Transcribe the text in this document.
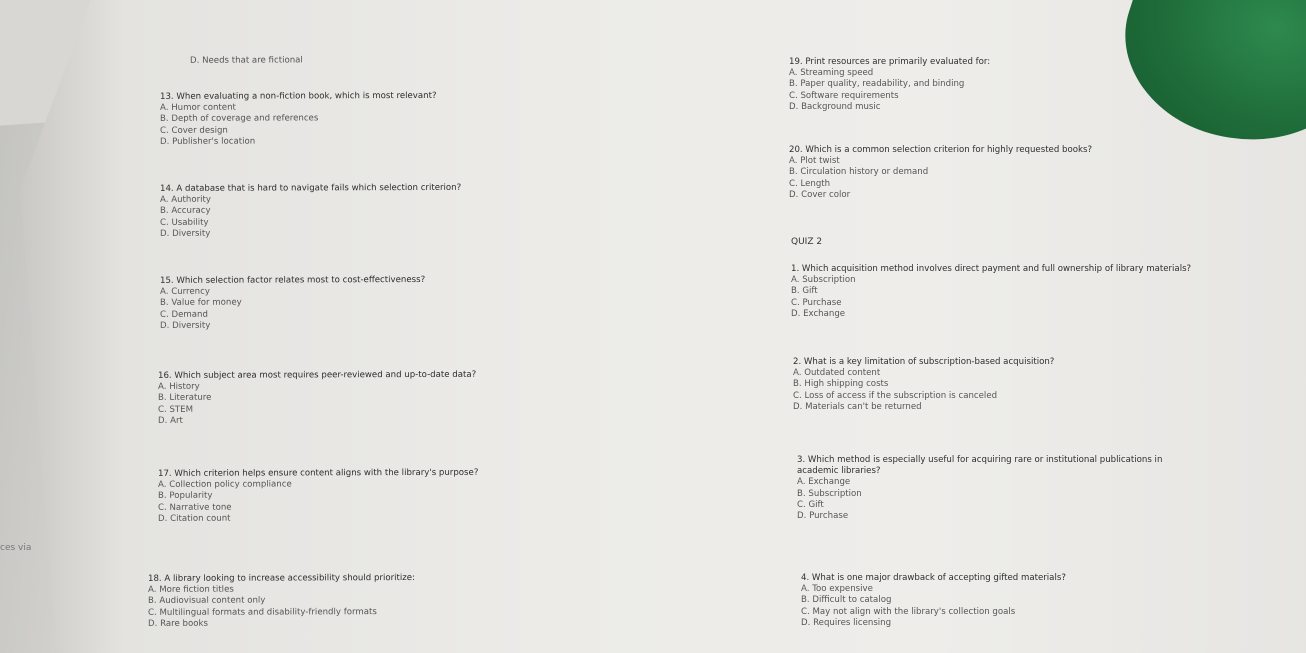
ces via
D. Needs that are fictional
13. When evaluating a non-fiction book, which is most relevant?
A. Humor content
B. Depth of coverage and references
C. Cover design
D. Publisher's location
14. A database that is hard to navigate fails which selection criterion?
A. Authority
B. Accuracy
C. Usability
D. Diversity
15. Which selection factor relates most to cost-effectiveness?
A. Currency
B. Value for money
C. Demand
D. Diversity
16. Which subject area most requires peer-reviewed and up-to-date data?
A. History
B. Literature
C. STEM
D. Art
17. Which criterion helps ensure content aligns with the library's purpose?
A. Collection policy compliance
B. Popularity
C. Narrative tone
D. Citation count
18. A library looking to increase accessibility should prioritize:
A. More fiction titles
B. Audiovisual content only
C. Multilingual formats and disability-friendly formats
D. Rare books
19. Print resources are primarily evaluated for:
A. Streaming speed
B. Paper quality, readability, and binding
C. Software requirements
D. Background music
20. Which is a common selection criterion for highly requested books?
A. Plot twist
B. Circulation history or demand
C. Length
D. Cover color
QUIZ 2
1. Which acquisition method involves direct payment and full ownership of library materials?
A. Subscription
B. Gift
C. Purchase
D. Exchange
2. What is a key limitation of subscription-based acquisition?
A. Outdated content
B. High shipping costs
C. Loss of access if the subscription is canceled
D. Materials can't be returned
3. Which method is especially useful for acquiring rare or institutional publications in
academic libraries?
A. Exchange
B. Subscription
C. Gift
D. Purchase
4. What is one major drawback of accepting gifted materials?
A. Too expensive
B. Difficult to catalog
C. May not align with the library's collection goals
D. Requires licensing
